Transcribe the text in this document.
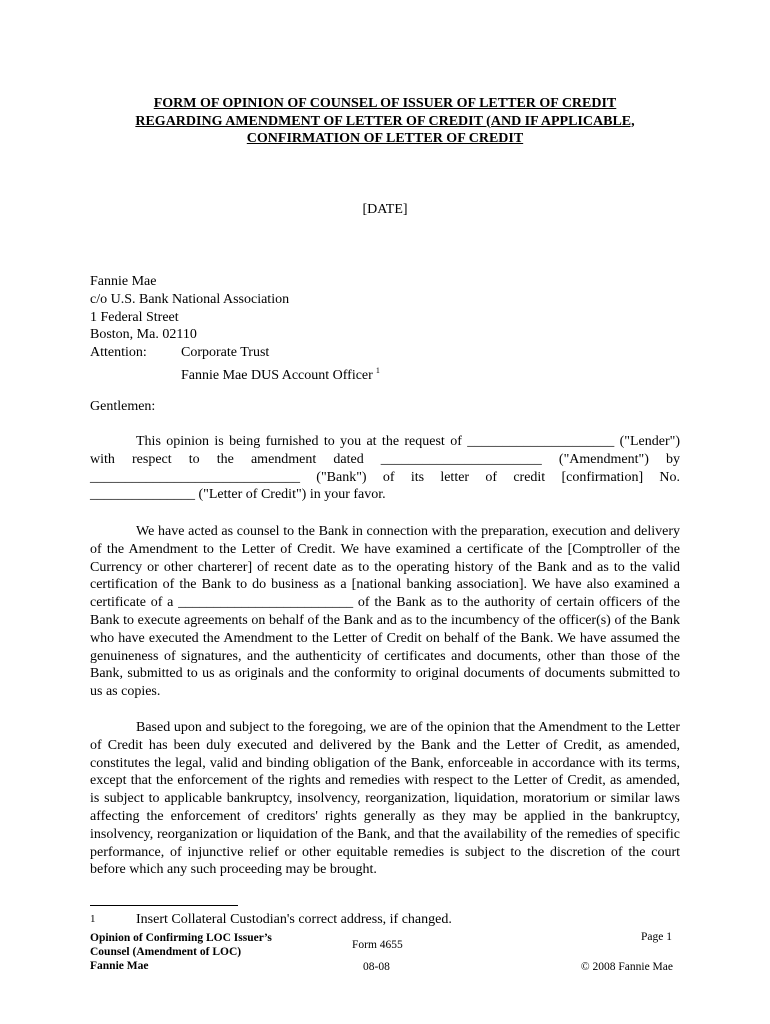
FORM OF OPINION OF COUNSEL OF ISSUER OF LETTER OF CREDIT
REGARDING AMENDMENT OF LETTER OF CREDIT (AND IF APPLICABLE,
CONFIRMATION OF LETTER OF CREDIT
[DATE]
Fannie Mae
c/o U.S. Bank National Association
1 Federal Street
Boston, Ma. 02110
Attention: Corporate Trust
Fannie Mae DUS Account Officer $^1$
Gentlemen:
This opinion is being furnished to you at the request of _____________________ ("Lender") with respect to the amendment dated _______________________ ("Amendment") by ______________________________ ("Bank") of its letter of credit [confirmation] No. _______________ ("Letter of Credit") in your favor.
We have acted as counsel to the Bank in connection with the preparation, execution and delivery of the Amendment to the Letter of Credit. We have examined a certificate of the [Comptroller of the Currency or other charterer] of recent date as to the operating history of the Bank and as to the valid certification of the Bank to do business as a [national banking association]. We have also examined a certificate of a _________________________ of the Bank as to the authority of certain officers of the Bank to execute agreements on behalf of the Bank and as to the incumbency of the officer(s) of the Bank who have executed the Amendment to the Letter of Credit on behalf of the Bank. We have assumed the genuineness of signatures, and the authenticity of certificates and documents, other than those of the Bank, submitted to us as originals and the conformity to original documents of documents submitted to us as copies.
Based upon and subject to the foregoing, we are of the opinion that the Amendment to the Letter of Credit has been duly executed and delivered by the Bank and the Letter of Credit, as amended, constitutes the legal, valid and binding obligation of the Bank, enforceable in accordance with its terms, except that the enforcement of the rights and remedies with respect to the Letter of Credit, as amended, is subject to applicable bankruptcy, insolvency, reorganization, liquidation, moratorium or similar laws affecting the enforcement of creditors' rights generally as they may be applied in the bankruptcy, insolvency, reorganization or liquidation of the Bank, and that the availability of the remedies of specific performance, of injunctive relief or other equitable remedies is subject to the discretion of the court before which any such proceeding may be brought.
1	Insert Collateral Custodian's correct address, if changed.
Opinion of Confirming LOC Issuer’s
Counsel (Amendment of LOC)
Fannie Mae
Form 4655
08-08
Page 1
© 2008 Fannie Mae
